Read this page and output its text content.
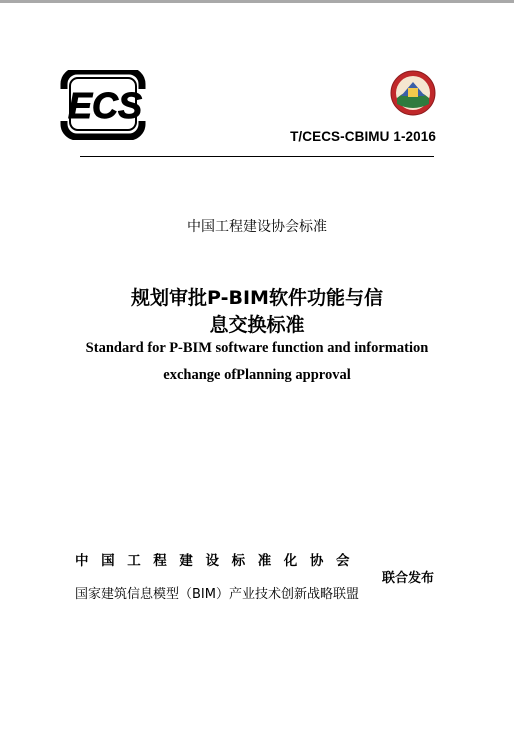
ECS
T/CECS-CBIMU 1-2016
中国工程建设协会标准
规划审批P-BIM软件功能与信
息交换标准
Standard for P-BIM software function and information
exchange ofPlanning approval
中国工程建设标准化协会
国家建筑信息模型（BIM）产业技术创新战略联盟
联合发布
